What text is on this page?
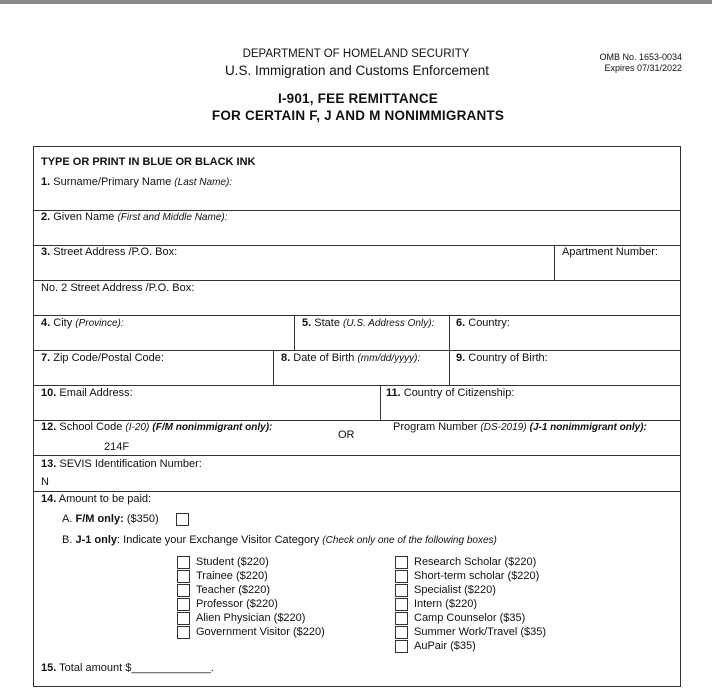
DEPARTMENT OF HOMELAND SECURITY
U.S. Immigration and Customs Enforcement
OMB No. 1653-0034
Expires 07/31/2022
I-901, FEE REMITTANCE
FOR CERTAIN F, J AND M NONIMMIGRANTS
TYPE OR PRINT IN BLUE OR BLACK INK
1. Surname/Primary Name (Last Name):
2. Given Name (First and Middle Name):
3. Street Address /P.O. Box:	Apartment Number:
No. 2 Street Address /P.O. Box:
4. City (Province):	5. State (U.S. Address Only): 6. Country:
7. Zip Code/Postal Code:	8. Date of Birth (mm/dd/yyyy):	9. Country of Birth:
10. Email Address:	11. Country of Citizenship:
12. School Code (I-20) (F/M nonimmigrant only):
214F
OR
Program Number (DS-2019) (J-1 nonimmigrant only):
13. SEVIS Identification Number:
N
14. Amount to be paid:
A. F/M only: ($350)
B. J-1 only: Indicate your Exchange Visitor Category (Check only one of the following boxes)
Student ($220)
Trainee ($220)
Teacher ($220)
Professor ($220)
Alien Physician ($220)
Government Visitor ($220)
Research Scholar ($220)
Short-term scholar ($220)
Specialist ($220)
Intern ($220)
Camp Counselor ($35)
Summer Work/Travel ($35)
AuPair ($35)
15. Total amount $_____________.
